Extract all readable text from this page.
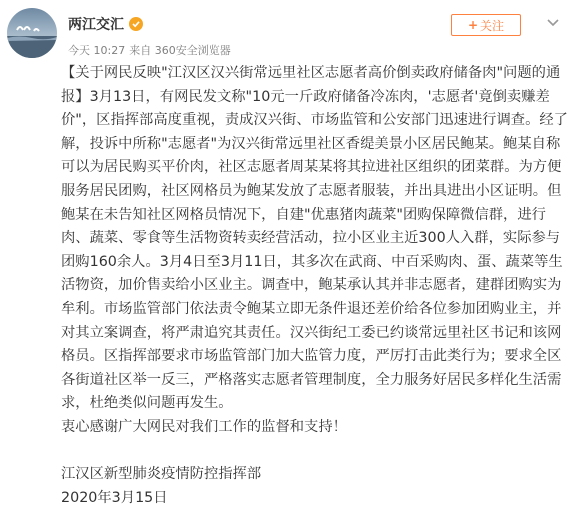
两江交汇
今天 10:27 来自 360安全浏览器
+ 关注

【关于网民反映"江汉区汉兴街常远里社区志愿者高价倒卖政府储备肉"问题的通报】3月13日，有网民发文称"10元一斤政府储备冷冻肉，'志愿者'竟倒卖赚差价"，区指挥部高度重视，责成汉兴街、市场监管和公安部门迅速进行调查。经了解，投诉中所称"志愿者"为汉兴街常远里社区香缇美景小区居民鲍某。鲍某自称可以为居民购买平价肉，社区志愿者周某某将其拉进社区组织的团菜群。为方便服务居民团购，社区网格员为鲍某发放了志愿者服装，并出具进出小区证明。但鲍某在未告知社区网格员情况下，自建"优惠猪肉蔬菜"团购保障微信群，进行肉、蔬菜、零食等生活物资转卖经营活动，拉小区业主近300人入群，实际参与团购160余人。3月4日至3月11日，其多次在武商、中百采购肉、蛋、蔬菜等生活物资，加价售卖给小区业主。调查中，鲍某承认其并非志愿者，建群团购实为牟利。市场监管部门依法责令鲍某立即无条件退还差价给各位参加团购业主，并对其立案调查，将严肃追究其责任。汉兴街纪工委已约谈常远里社区书记和该网格员。区指挥部要求市场监管部门加大监管力度，严厉打击此类行为；要求全区各街道社区举一反三，严格落实志愿者管理制度，全力服务好居民多样化生活需求，杜绝类似问题再发生。

衷心感谢广大网民对我们工作的监督和支持！

江汉区新型肺炎疫情防控指挥部

2020年3月15日
